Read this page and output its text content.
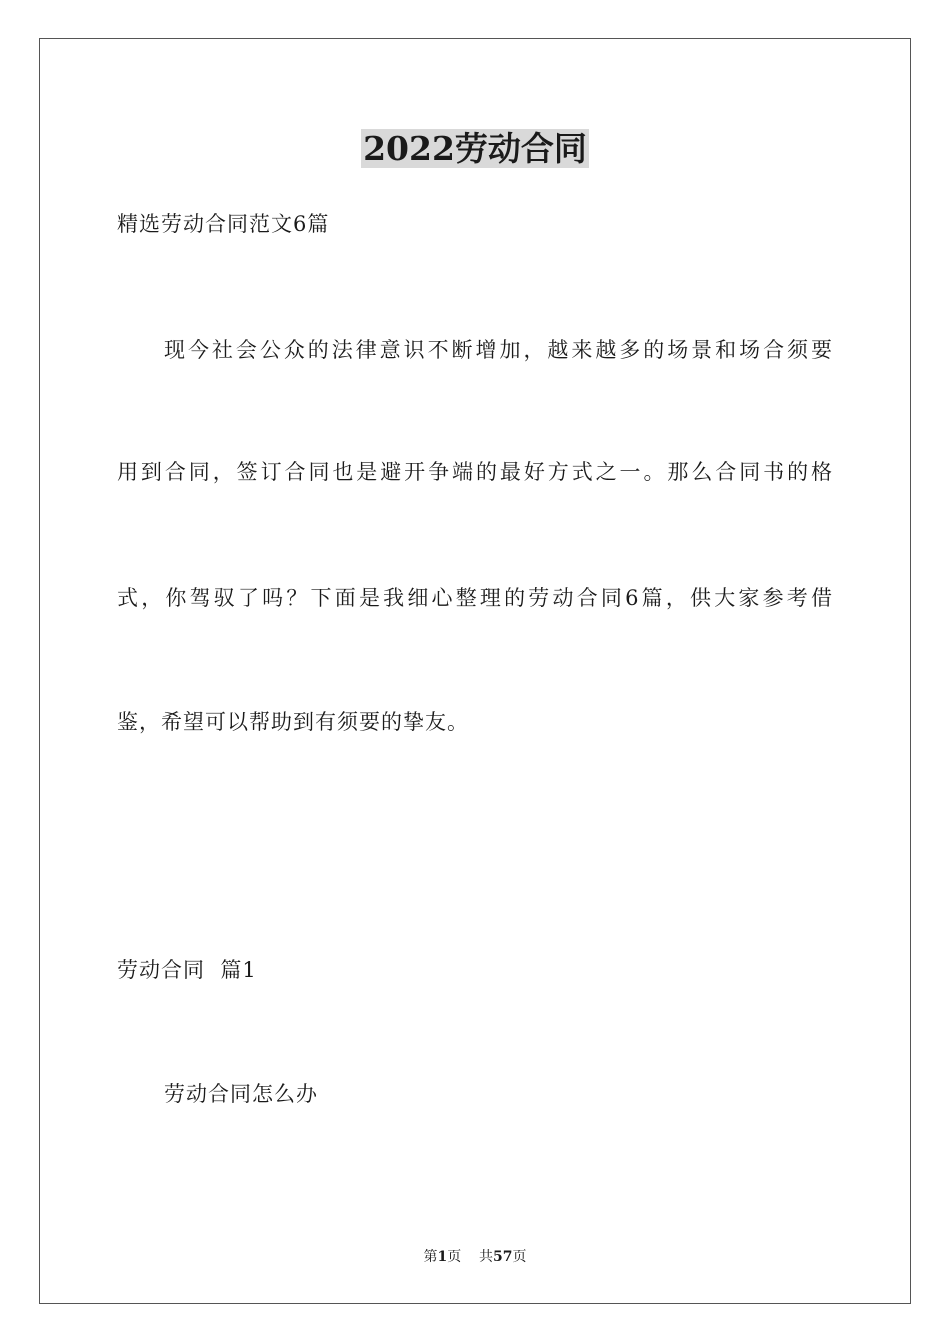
2022劳动合同

精选劳动合同范文6篇

现今社会公众的法律意识不断增加，越来越多的场景和场合须要

用到合同，签订合同也是避开争端的最好方式之一。那么合同书的格

式，你驾驭了吗？下面是我细心整理的劳动合同6篇，供大家参考借

鉴，希望可以帮助到有须要的挚友。

劳动合同  篇1

劳动合同怎么办

第1页    共57页
